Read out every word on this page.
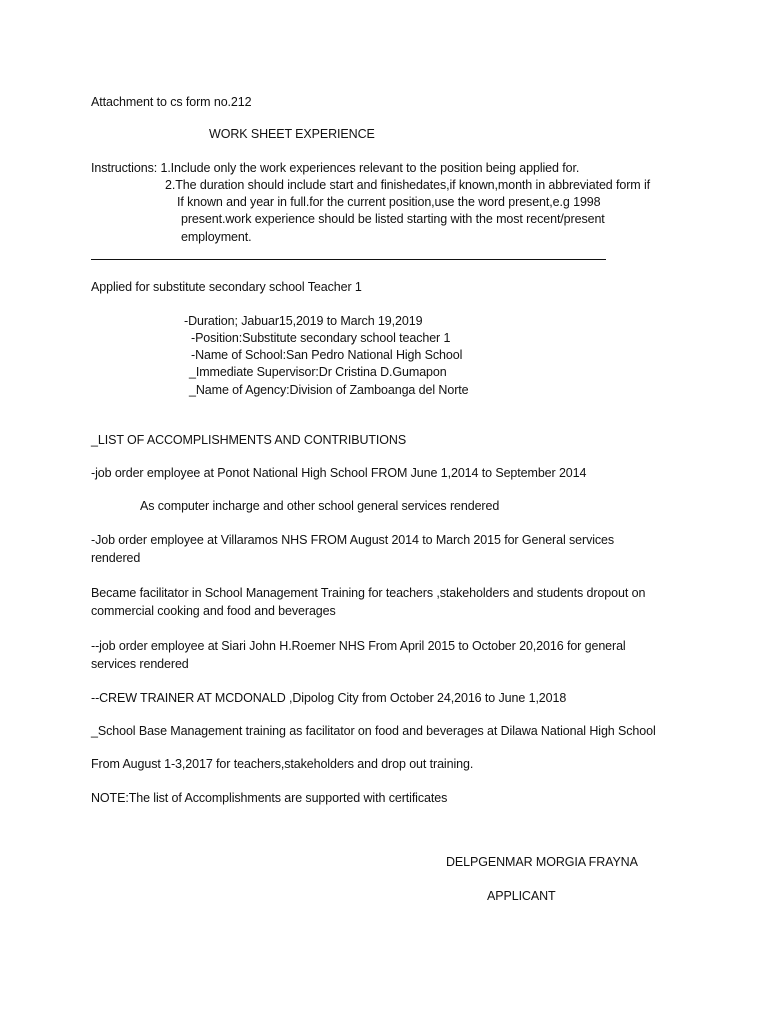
Attachment to cs form no.212
WORK SHEET EXPERIENCE
Instructions: 1.Include only the work experiences relevant to the position being applied for.
2.The duration should include start and finishedates,if known,month in abbreviated form if
If known and year in full.for the current position,use the word present,e.g 1998
present.work experience should be listed starting with the most recent/present
employment.
Applied for substitute secondary school Teacher 1
-Duration; Jabuar15,2019 to March 19,2019
-Position:Substitute secondary school teacher 1
-Name of School:San Pedro National High School
_Immediate Supervisor:Dr Cristina D.Gumapon
_Name of Agency:Division of Zamboanga del Norte
_LIST OF ACCOMPLISHMENTS AND CONTRIBUTIONS
-job order employee at Ponot National High School FROM June 1,2014 to September 2014
As computer incharge and other school general services rendered
-Job order employee at Villaramos NHS FROM August 2014 to March 2015 for General services
rendered
Became facilitator in School Management Training for teachers ,stakeholders and students dropout on
commercial cooking and food and beverages
--job order employee at Siari John H.Roemer NHS From April 2015 to October 20,2016 for general
services rendered
--CREW TRAINER AT MCDONALD ,Dipolog City from October 24,2016 to June 1,2018
_School Base Management training as facilitator on food and beverages at Dilawa National High School
From August 1-3,2017 for teachers,stakeholders and drop out training.
NOTE:The list of Accomplishments are supported with certificates
DELPGENMAR MORGIA FRAYNA
APPLICANT
